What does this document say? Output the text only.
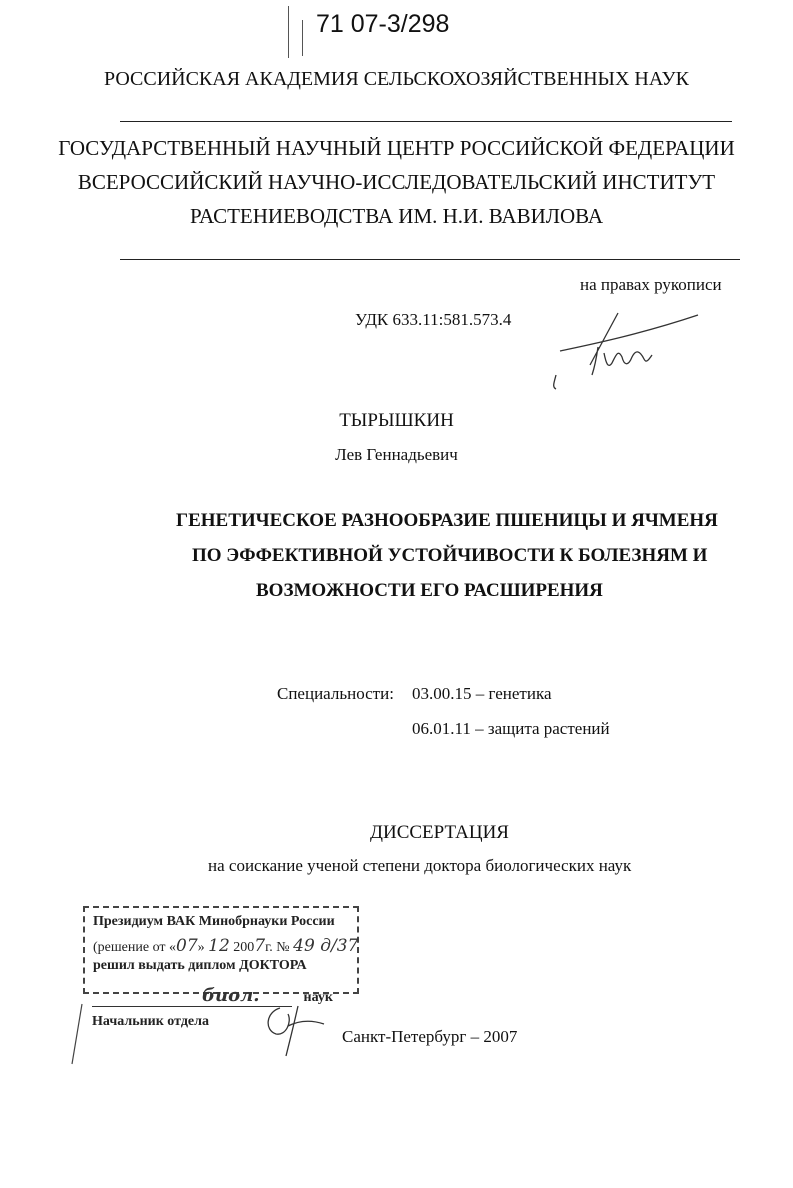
71 07-3/298
РОССИЙСКАЯ АКАДЕМИЯ СЕЛЬСКОХОЗЯЙСТВЕННЫХ НАУК
ГОСУДАРСТВЕННЫЙ НАУЧНЫЙ ЦЕНТР РОССИЙСКОЙ ФЕДЕРАЦИИ
ВСЕРОССИЙСКИЙ НАУЧНО-ИССЛЕДОВАТЕЛЬСКИЙ ИНСТИТУТ
РАСТЕНИЕВОДСТВА ИМ. Н.И. ВАВИЛОВА
на правах рукописи
УДК 633.11:581.573.4
ТЫРЫШКИН
Лев Геннадьевич
ГЕНЕТИЧЕСКОЕ РАЗНООБРАЗИЕ ПШЕНИЦЫ И ЯЧМЕНЯ
ПО ЭФФЕКТИВНОЙ УСТОЙЧИВОСТИ К БОЛЕЗНЯМ И
ВОЗМОЖНОСТИ ЕГО РАСШИРЕНИЯ
Специальности: 03.00.15 – генетика
06.01.11 – защита растений
ДИССЕРТАЦИЯ
на соискание ученой степени доктора биологических наук
Президиум ВАК Минобрнауки России
(решение от «07» 12 2007г. № 49 д/37
решил выдать диплом ДОКТОРА
биол.	наук
Начальник отдела
Санкт-Петербург – 2007
